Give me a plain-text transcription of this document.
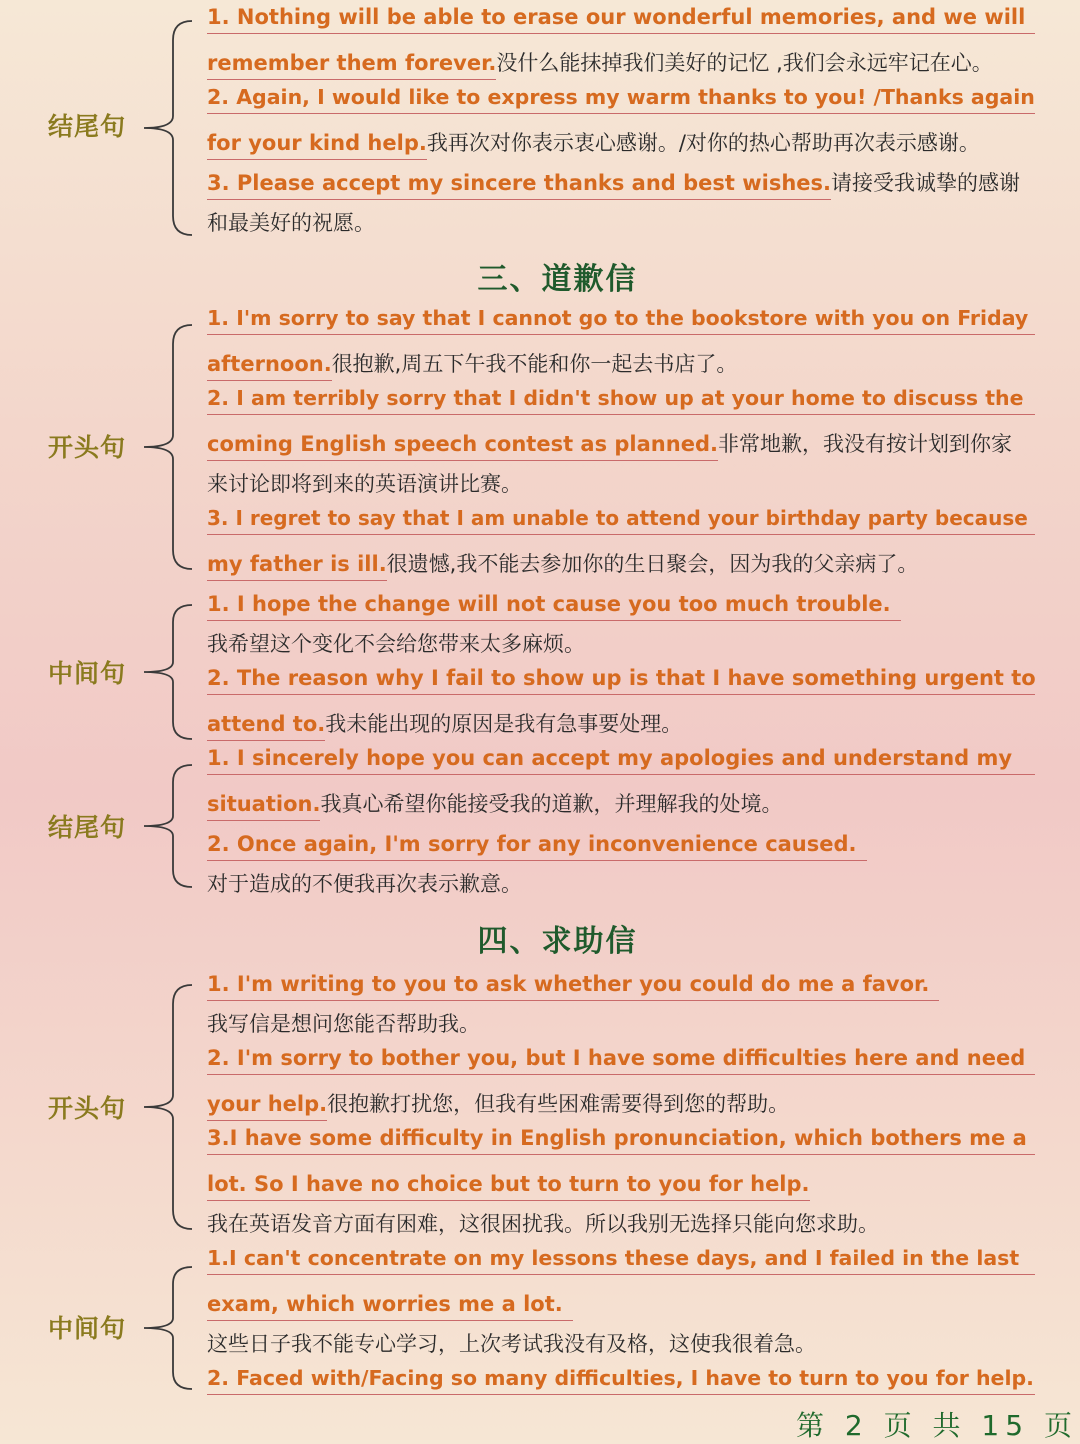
结尾句
1. Nothing will be able to erase our wonderful memories, and we will
remember them forever.没什么能抹掉我们美好的记忆 ,我们会永远牢记在心。
2. Again, I would like to express my warm thanks to you! /Thanks again
for your kind help.我再次对你表示衷心感谢。/对你的热心帮助再次表示感谢。
3. Please accept my sincere thanks and best wishes.请接受我诚挚的感谢
和最美好的祝愿。
三、道歉信
开头句
1. I'm sorry to say that I cannot go to the bookstore with you on Friday
afternoon.很抱歉,周五下午我不能和你一起去书店了。
2. I am terribly sorry that I didn't show up at your home to discuss the
coming English speech contest as planned.非常地歉，我没有按计划到你家
来讨论即将到来的英语演讲比赛。
3. I regret to say that I am unable to attend your birthday party because
my father is ill.很遗憾,我不能去参加你的生日聚会，因为我的父亲病了。
中间句
1. I hope the change will not cause you too much trouble.
我希望这个变化不会给您带来太多麻烦。
2. The reason why I fail to show up is that I have something urgent to
attend to.我未能出现的原因是我有急事要处理。
结尾句
1. I sincerely hope you can accept my apologies and understand my
situation.我真心希望你能接受我的道歉，并理解我的处境。
2. Once again, I'm sorry for any inconvenience caused.
对于造成的不便我再次表示歉意。
四、求助信
开头句
1. I'm writing to you to ask whether you could do me a favor.
我写信是想问您能否帮助我。
2. I'm sorry to bother you, but I have some difficulties here and need
your help.很抱歉打扰您，但我有些困难需要得到您的帮助。
3.I have some difficulty in English pronunciation, which bothers me a
lot. So I have no choice but to turn to you for help.
我在英语发音方面有困难，这很困扰我。所以我别无选择只能向您求助。
中间句
1.I can't concentrate on my lessons these days, and I failed in the last
exam, which worries me a lot.
这些日子我不能专心学习，上次考试我没有及格，这使我很着急。
2. Faced with/Facing so many difficulties, I have to turn to you for help.
第 2 页 共 15 页
